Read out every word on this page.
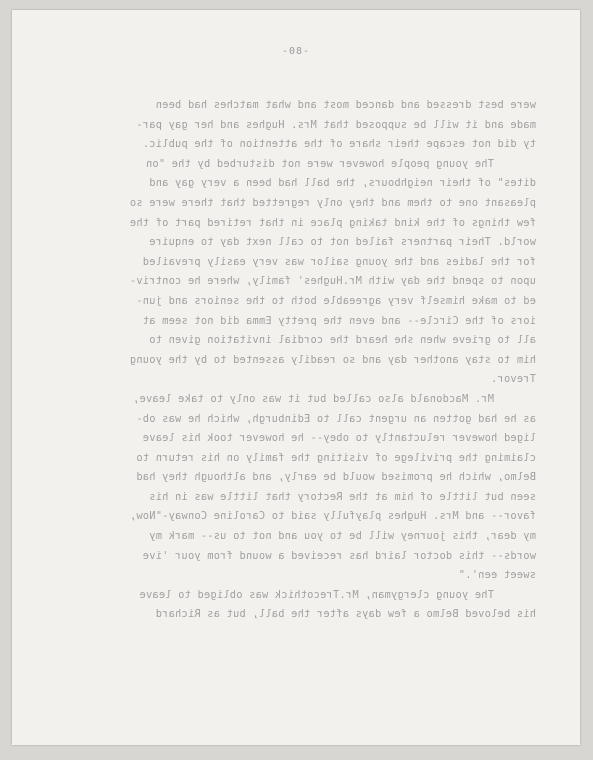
-08-
were best dressed and danced most and what matches had been
made and it will be supposed that Mrs. Hughes and her gay par-
ty did not escape their share of the attention of the public.
The young people however were not disturbed by the "on
dites" of their neighbours, the ball had been a very gay and
pleasant one to them and they only regretted that there were so
few things of the kind taking place in that retired part of the
world. Their partners failed not to call next day to enquire
for the ladies and the young sailor was very easily prevailed
upon to spend the day with Mr.Hughes' family, where he contriv-
ed to make himself very agreeable both to the seniors and jun-
iors of the Circle-- and even the pretty Emma did not seem at
all to grieve when she heard the cordial invitation given to
him to stay another day and so readily assented to by the young
Trevor.
Mr. Macdonald also called but it was only to take leave,
as he had gotten an urgent call to Edinburgh, which he was ob-
liged however reluctantly to obey-- he however took his leave
claiming the privilege of visiting the family on his return to
Belmo, which he promised would be early, and although they had
seen but little of him at the Rectory that little was in his
favor-- and Mrs. Hughes playfully said to Caroline Conway-"Now,
my dear, this journey will be to you and not to us-- mark my
words-- this doctor laird has received a wound from your 'ive
sweet een'."
The young clergyman, Mr.Trecothick was obliged to leave
his beloved Belmo a few days after the ball, but as Richard
